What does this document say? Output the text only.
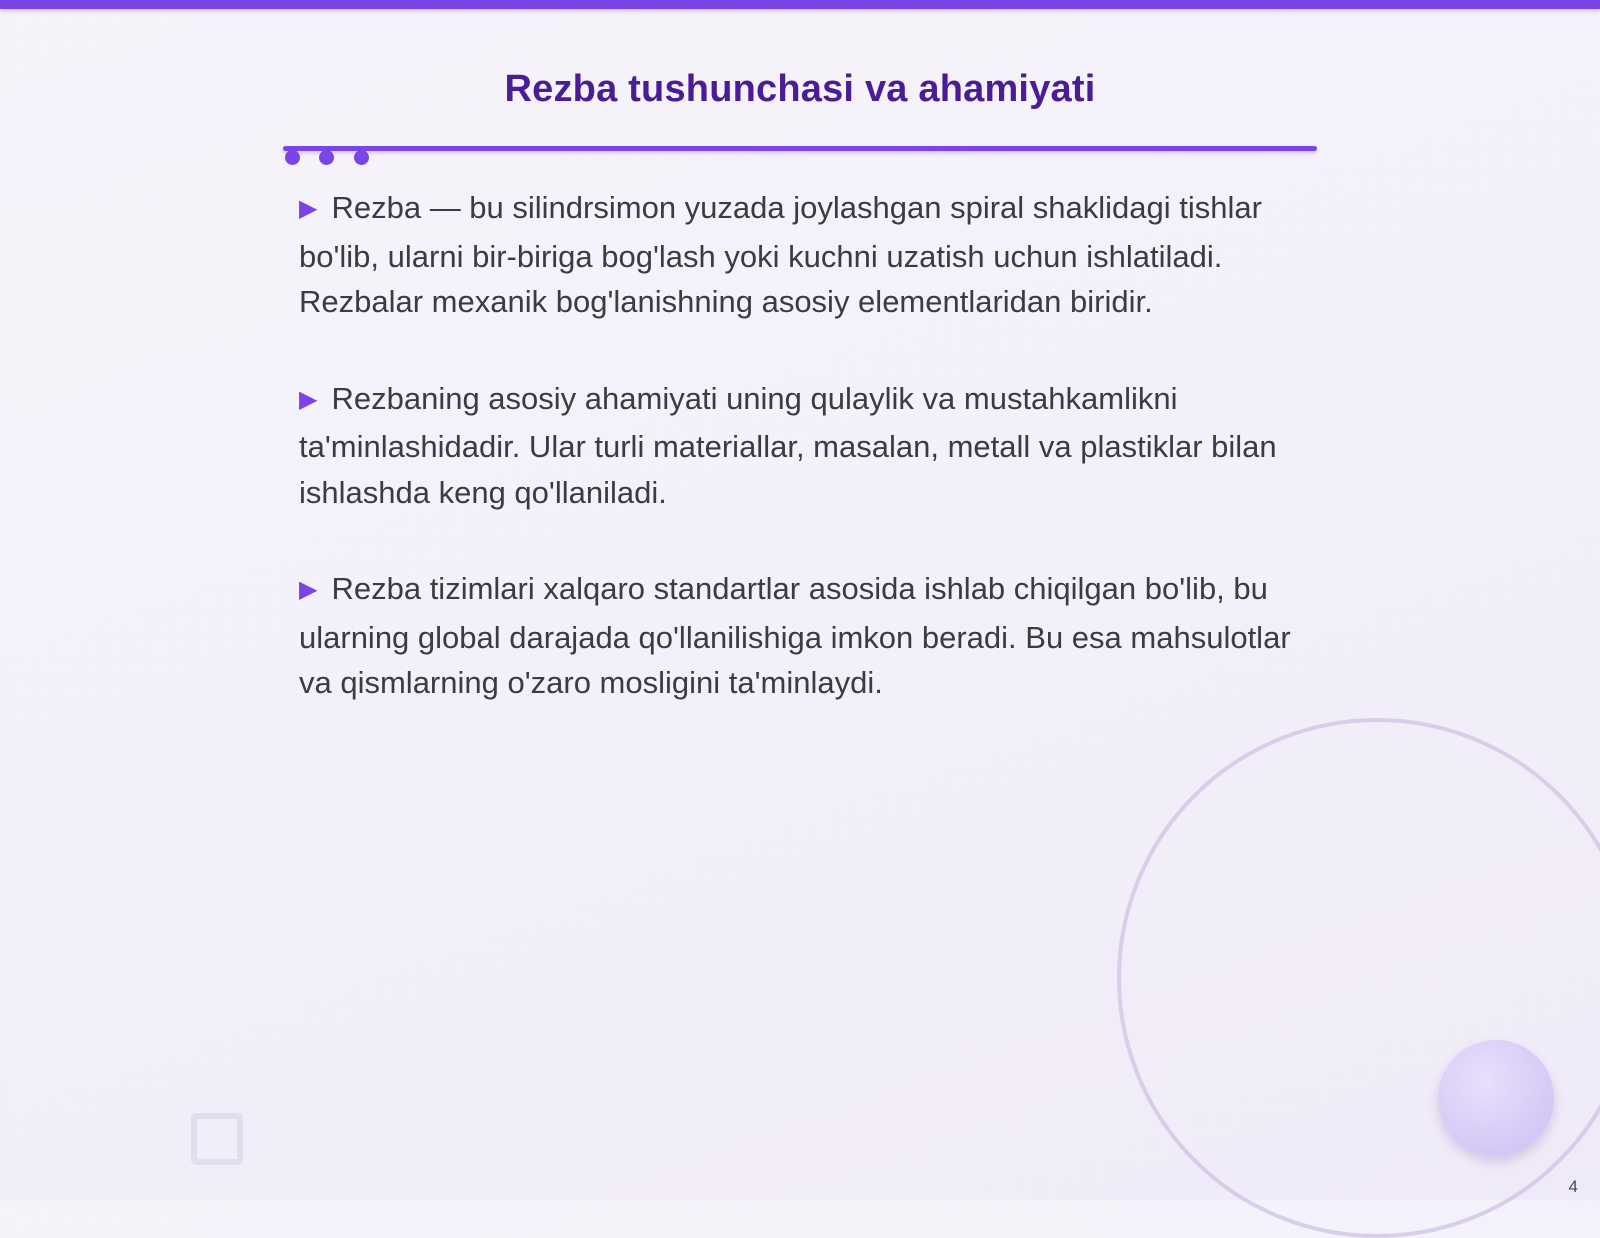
Rezba tushunchasi va ahamiyati

▶ Rezba — bu silindrsimon yuzada joylashgan spiral shaklidagi tishlar bo'lib, ularni bir-biriga bog'lash yoki kuchni uzatish uchun ishlatiladi. Rezbalar mexanik bog'lanishning asosiy elementlaridan biridir.

▶ Rezbaning asosiy ahamiyati uning qulaylik va mustahkamlikni ta'minlashidadir. Ular turli materiallar, masalan, metall va plastiklar bilan ishlashda keng qo'llaniladi.

▶ Rezba tizimlari xalqaro standartlar asosida ishlab chiqilgan bo'lib, bu ularning global darajada qo'llanilishiga imkon beradi. Bu esa mahsulotlar va qismlarning o'zaro mosligini ta'minlaydi.

4
